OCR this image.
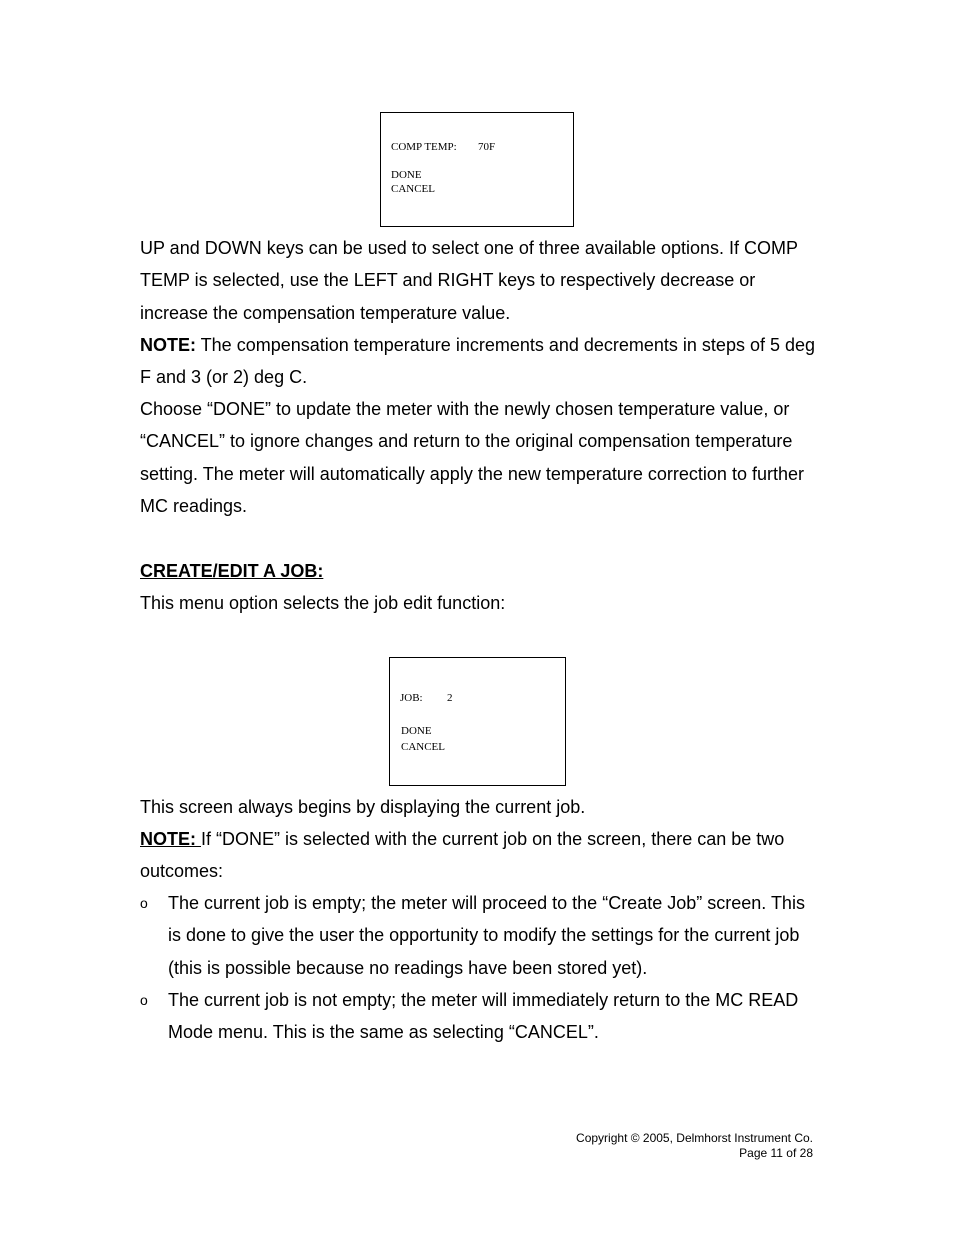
COMP TEMP: 70F
DONE
CANCEL

UP and DOWN keys can be used to select one of three available options. If COMP TEMP is selected, use the LEFT and RIGHT keys to respectively decrease or increase the compensation temperature value.

NOTE: The compensation temperature increments and decrements in steps of 5 deg F and 3 (or 2) deg C.

Choose “DONE” to update the meter with the newly chosen temperature value, or “CANCEL” to ignore changes and return to the original compensation temperature setting. The meter will automatically apply the new temperature correction to further MC readings.

CREATE/EDIT A JOB:

This menu option selects the job edit function:

JOB: 2
DONE
CANCEL

This screen always begins by displaying the current job.

NOTE: If “DONE” is selected with the current job on the screen, there can be two outcomes:

o	The current job is empty; the meter will proceed to the “Create Job” screen. This is done to give the user the opportunity to modify the settings for the current job (this is possible because no readings have been stored yet).
o	The current job is not empty; the meter will immediately return to the MC READ Mode menu. This is the same as selecting “CANCEL”.
Copyright © 2005, Delmhorst Instrument Co.
Page 11 of 28
